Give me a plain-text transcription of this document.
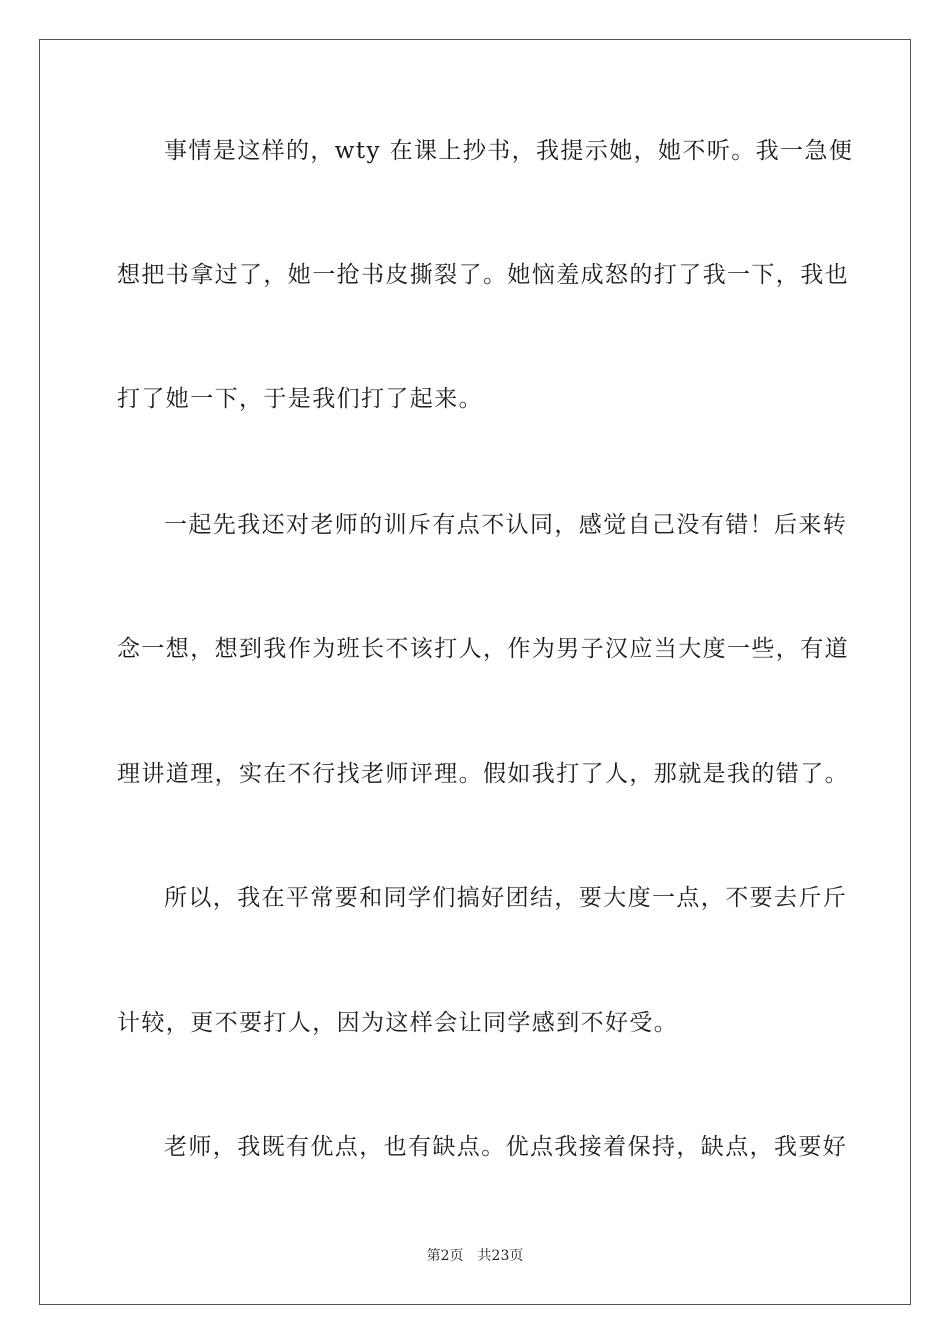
事情是这样的，wty 在课上抄书，我提示她，她不听。我一急便
想把书拿过了，她一抢书皮撕裂了。她恼羞成怒的打了我一下，我也
打了她一下，于是我们打了起来。
一起先我还对老师的训斥有点不认同，感觉自己没有错！后来转
念一想，想到我作为班长不该打人，作为男子汉应当大度一些，有道
理讲道理，实在不行找老师评理。假如我打了人，那就是我的错了。
所以，我在平常要和同学们搞好团结，要大度一点，不要去斤斤
计较，更不要打人，因为这样会让同学感到不好受。
老师，我既有优点，也有缺点。优点我接着保持，缺点，我要好
第2页 共23页
